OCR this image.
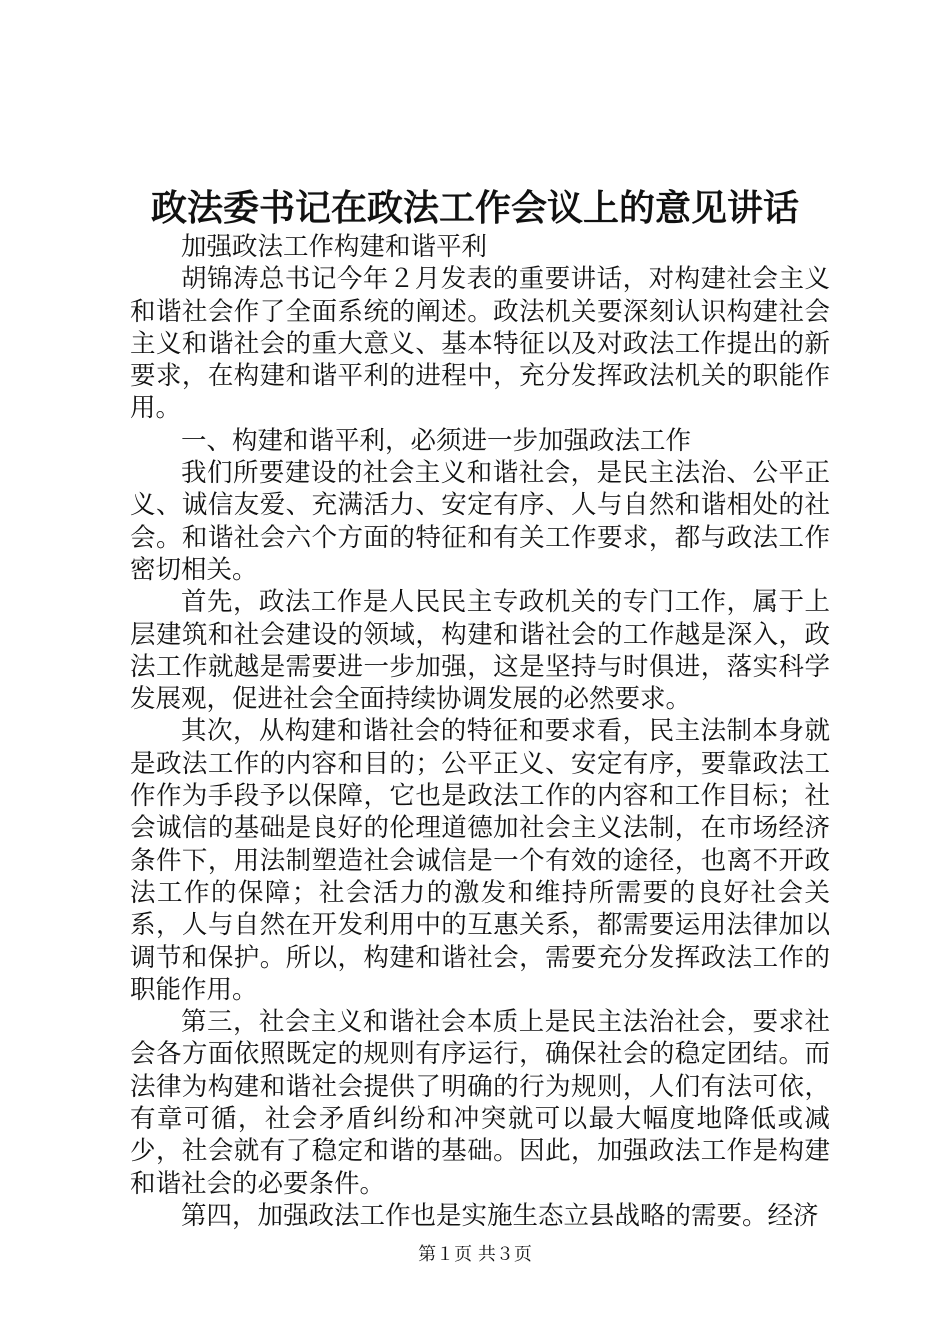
政法委书记在政法工作会议上的意见讲话

加强政法工作构建和谐平利

胡锦涛总书记今年２月发表的重要讲话，对构建社会主义和谐社会作了全面系统的阐述。政法机关要深刻认识构建社会主义和谐社会的重大意义、基本特征以及对政法工作提出的新要求，在构建和谐平利的进程中，充分发挥政法机关的职能作用。

一、构建和谐平利，必须进一步加强政法工作

我们所要建设的社会主义和谐社会，是民主法治、公平正义、诚信友爱、充满活力、安定有序、人与自然和谐相处的社会。和谐社会六个方面的特征和有关工作要求，都与政法工作密切相关。

首先，政法工作是人民民主专政机关的专门工作，属于上层建筑和社会建设的领域，构建和谐社会的工作越是深入，政法工作就越是需要进一步加强，这是坚持与时俱进，落实科学发展观，促进社会全面持续协调发展的必然要求。

其次，从构建和谐社会的特征和要求看，民主法制本身就是政法工作的内容和目的；公平正义、安定有序，要靠政法工作作为手段予以保障，它也是政法工作的内容和工作目标；社会诚信的基础是良好的伦理道德加社会主义法制，在市场经济条件下，用法制塑造社会诚信是一个有效的途径，也离不开政法工作的保障；社会活力的激发和维持所需要的良好社会关系，人与自然在开发利用中的互惠关系，都需要运用法律加以调节和保护。所以，构建和谐社会，需要充分发挥政法工作的职能作用。

第三，社会主义和谐社会本质上是民主法治社会，要求社会各方面依照既定的规则有序运行，确保社会的稳定团结。而法律为构建和谐社会提供了明确的行为规则，人们有法可依，有章可循，社会矛盾纠纷和冲突就可以最大幅度地降低或减少，社会就有了稳定和谐的基础。因此，加强政法工作是构建和谐社会的必要条件。

第四，加强政法工作也是实施生态立县战略的需要。经济

第１页 共３页
